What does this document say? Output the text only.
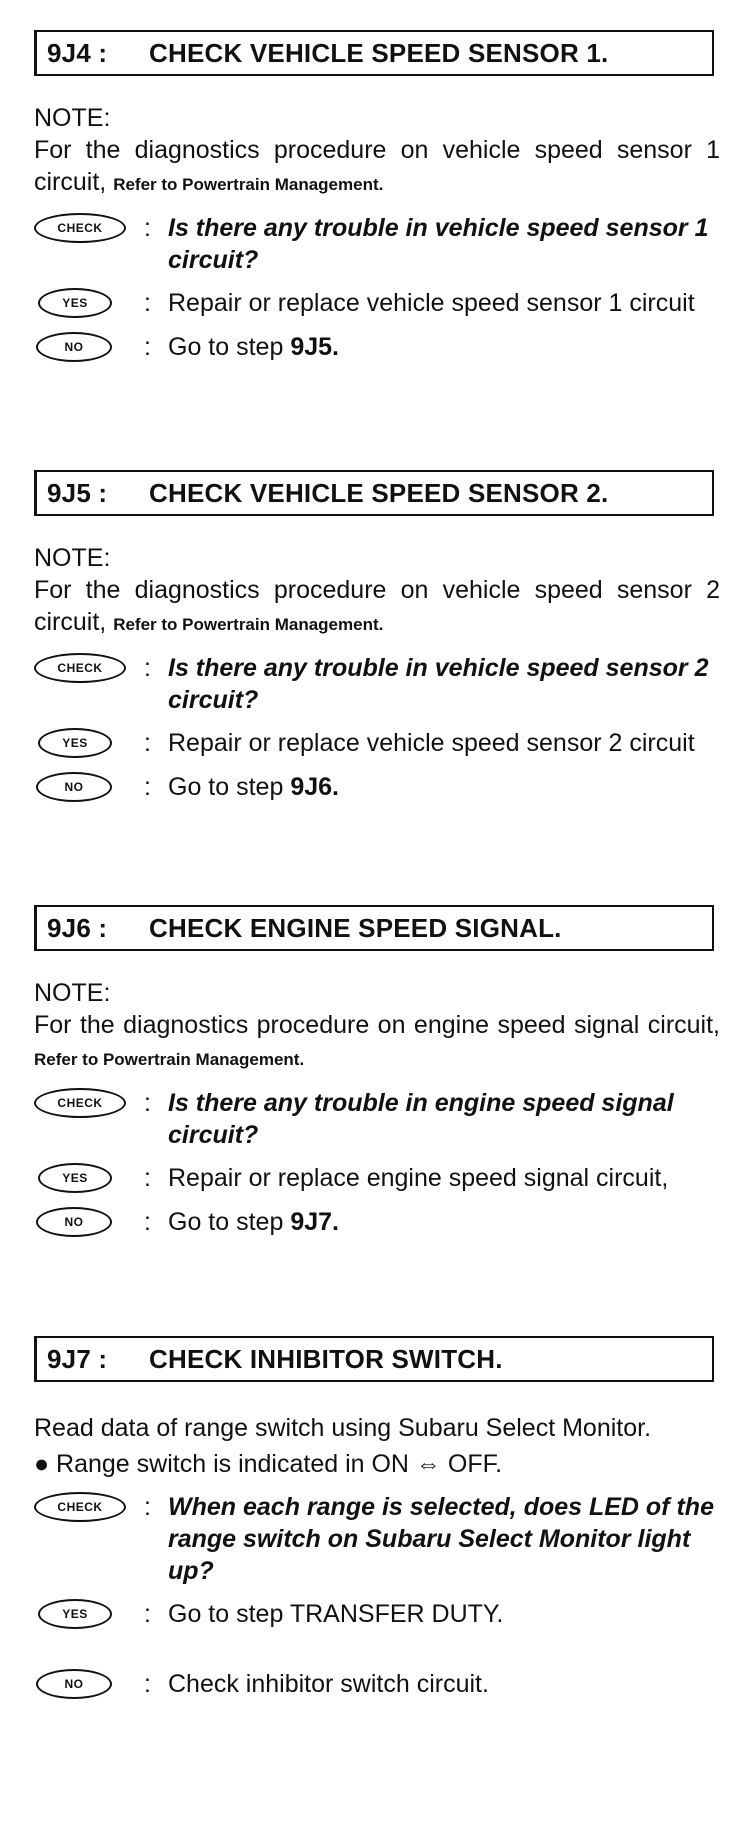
9J4 :	CHECK VEHICLE SPEED SENSOR 1.
NOTE:
For the diagnostics procedure on vehicle speed sensor 1 circuit, Refer to Powertrain Management.
CHECK	: Is there any trouble in vehicle speed sensor 1 circuit?
YES	: Repair or replace vehicle speed sensor 1 circuit
NO	: Go to step 9J5.
9J5 :	CHECK VEHICLE SPEED SENSOR 2.
NOTE:
For the diagnostics procedure on vehicle speed sensor 2 circuit, Refer to Powertrain Management.
CHECK	: Is there any trouble in vehicle speed sensor 2 circuit?
YES	: Repair or replace vehicle speed sensor 2 circuit
NO	: Go to step 9J6.
9J6 :	CHECK ENGINE SPEED SIGNAL.
NOTE:
For the diagnostics procedure on engine speed signal circuit, Refer to Powertrain Management.
CHECK	: Is there any trouble in engine speed signal circuit?
YES	: Repair or replace engine speed signal circuit,
NO	: Go to step 9J7.
9J7 :	CHECK INHIBITOR SWITCH.
Read data of range switch using Subaru Select Monitor.
● Range switch is indicated in ON ⇔ OFF.
CHECK	: When each range is selected, does LED of the range switch on Subaru Select Monitor light up?
YES	: Go to step TRANSFER DUTY.
NO	: Check inhibitor switch circuit.
